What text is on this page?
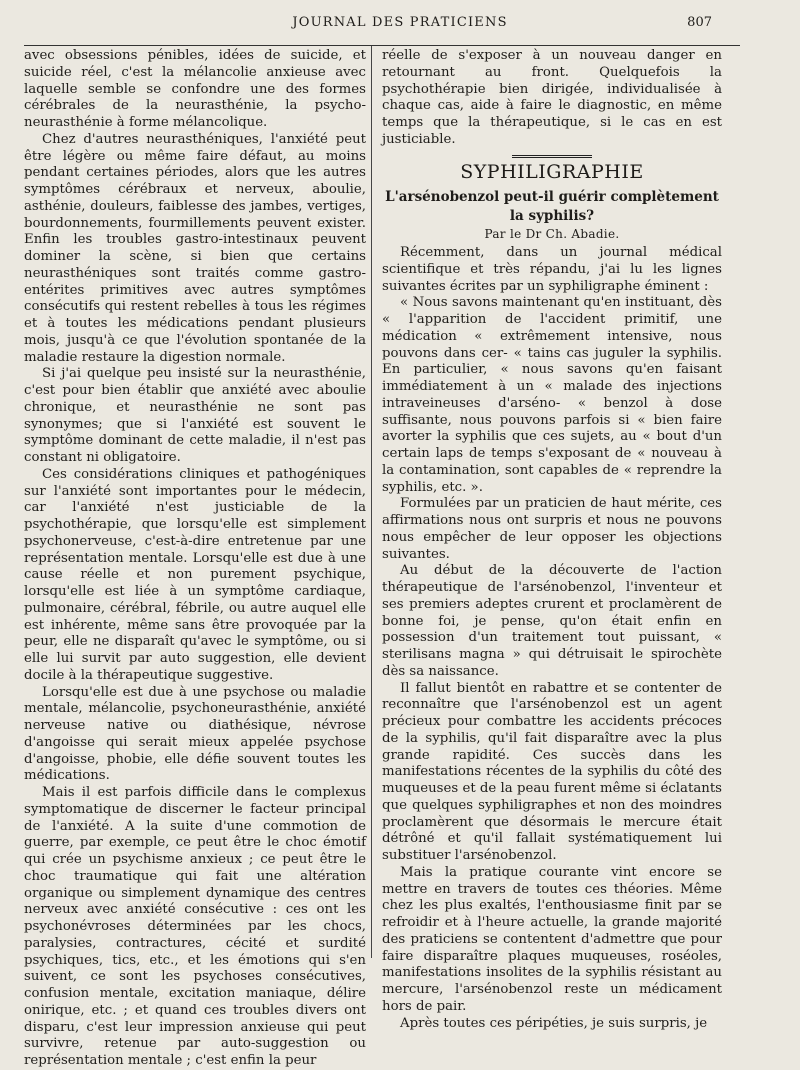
JOURNAL DES PRATICIENS	807

avec obsessions pénibles, idées de suicide, et suicide réel, c'est la mélancolie anxieuse avec laquelle semble se confondre une des formes cérébrales de la neurasthénie, la psycho-neurasthénie à forme mélancolique.

Chez d'autres neurasthéniques, l'anxiété peut être légère ou même faire défaut, au moins pendant certaines périodes, alors que les autres symptômes cérébraux et nerveux, aboulie, asthénie, douleurs, faiblesse des jambes, vertiges, bourdonnements, fourmillements peuvent exister. Enfin les troubles gastro-intestinaux peuvent dominer la scène, si bien que certains neurasthéniques sont traités comme gastro-entérites primitives avec autres symptômes consécutifs qui restent rebelles à tous les régimes et à toutes les médications pendant plusieurs mois, jusqu'à ce que l'évolution spontanée de la maladie restaure la digestion normale.

Si j'ai quelque peu insisté sur la neurasthénie, c'est pour bien établir que anxiété avec aboulie chronique, et neurasthénie ne sont pas synonymes; que si l'anxiété est souvent le symptôme dominant de cette maladie, il n'est pas constant ni obligatoire.

Ces considérations cliniques et pathogéniques sur l'anxiété sont importantes pour le médecin, car l'anxiété n'est justiciable de la psychothérapie, que lorsqu'elle est simplement psychonerveuse, c'est-à-dire entretenue par une représentation mentale. Lorsqu'elle est due à une cause réelle et non purement psychique, lorsqu'elle est liée à un symptôme cardiaque, pulmonaire, cérébral, fébrile, ou autre auquel elle est inhérente, même sans être provoquée par la peur, elle ne disparaît qu'avec le symptôme, ou si elle lui survit par auto suggestion, elle devient docile à la thérapeutique suggestive.

Lorsqu'elle est due à une psychose ou maladie mentale, mélancolie, psychoneurasthénie, anxiété nerveuse native ou diathésique, névrose d'angoisse qui serait mieux appelée psychose d'angoisse, phobie, elle défie souvent toutes les médications.

Mais il est parfois difficile dans le complexus symptomatique de discerner le facteur principal de l'anxiété. A la suite d'une commotion de guerre, par exemple, ce peut être le choc émotif qui crée un psychisme anxieux ; ce peut être le choc traumatique qui fait une altération organique ou simplement dynamique des centres nerveux avec anxiété consécutive : ces ont les psychonévroses déterminées par les chocs, paralysies, contractures, cécité et surdité psychiques, tics, etc., et les émotions qui s'en suivent, ce sont les psychoses consécutives, confusion mentale, excitation maniaque, délire onirique, etc. ; et quand ces troubles divers ont disparu, c'est leur impression anxieuse qui peut survivre, retenue par auto-suggestion ou représentation mentale ; c'est enfin la peur

réelle de s'exposer à un nouveau danger en retournant au front. Quelquefois la psychothérapie bien dirigée, individualisée à chaque cas, aide à faire le diagnostic, en même temps que la thérapeutique, si le cas en est justiciable.

SYPHILIGRAPHIE
L'arsénobenzol peut-il guérir complètement la syphilis?
Par le Dr Ch. Abadie.

Récemment, dans un journal médical scientifique et très répandu, j'ai lu les lignes suivantes écrites par un syphiligraphe éminent :

« Nous savons maintenant qu'en instituant, dès « l'apparition de l'accident primitif, une médication « extrêmement intensive, nous pouvons dans cer- « tains cas juguler la syphilis. En particulier, « nous savons qu'en faisant immédiatement à un « malade des injections intraveineuses d'arséno- « benzol à dose suffisante, nous pouvons parfois si « bien faire avorter la syphilis que ces sujets, au « bout d'un certain laps de temps s'exposant de « nouveau à la contamination, sont capables de « reprendre la syphilis, etc. ».

Formulées par un praticien de haut mérite, ces affirmations nous ont surpris et nous ne pouvons nous empêcher de leur opposer les objections suivantes.

Au début de la découverte de l'action thérapeutique de l'arsénobenzol, l'inventeur et ses premiers adeptes crurent et proclamèrent de bonne foi, je pense, qu'on était enfin en possession d'un traitement tout puissant, « sterilisans magna » qui détruisait le spirochète dès sa naissance.

Il fallut bientôt en rabattre et se contenter de reconnaître que l'arsénobenzol est un agent précieux pour combattre les accidents précoces de la syphilis, qu'il fait disparaître avec la plus grande rapidité. Ces succès dans les manifestations récentes de la syphilis du côté des muqueuses et de la peau furent même si éclatants que quelques syphiligraphes et non des moindres proclamèrent que désormais le mercure était détrôné et qu'il fallait systématiquement lui substituer l'arsénobenzol.

Mais la pratique courante vint encore se mettre en travers de toutes ces théories. Même chez les plus exaltés, l'enthousiasme finit par se refroidir et à l'heure actuelle, la grande majorité des praticiens se contentent d'admettre que pour faire disparaître plaques muqueuses, roséoles, manifestations insolites de la syphilis résistant au mercure, l'arsénobenzol reste un médicament hors de pair.

Après toutes ces péripéties, je suis surpris, je
